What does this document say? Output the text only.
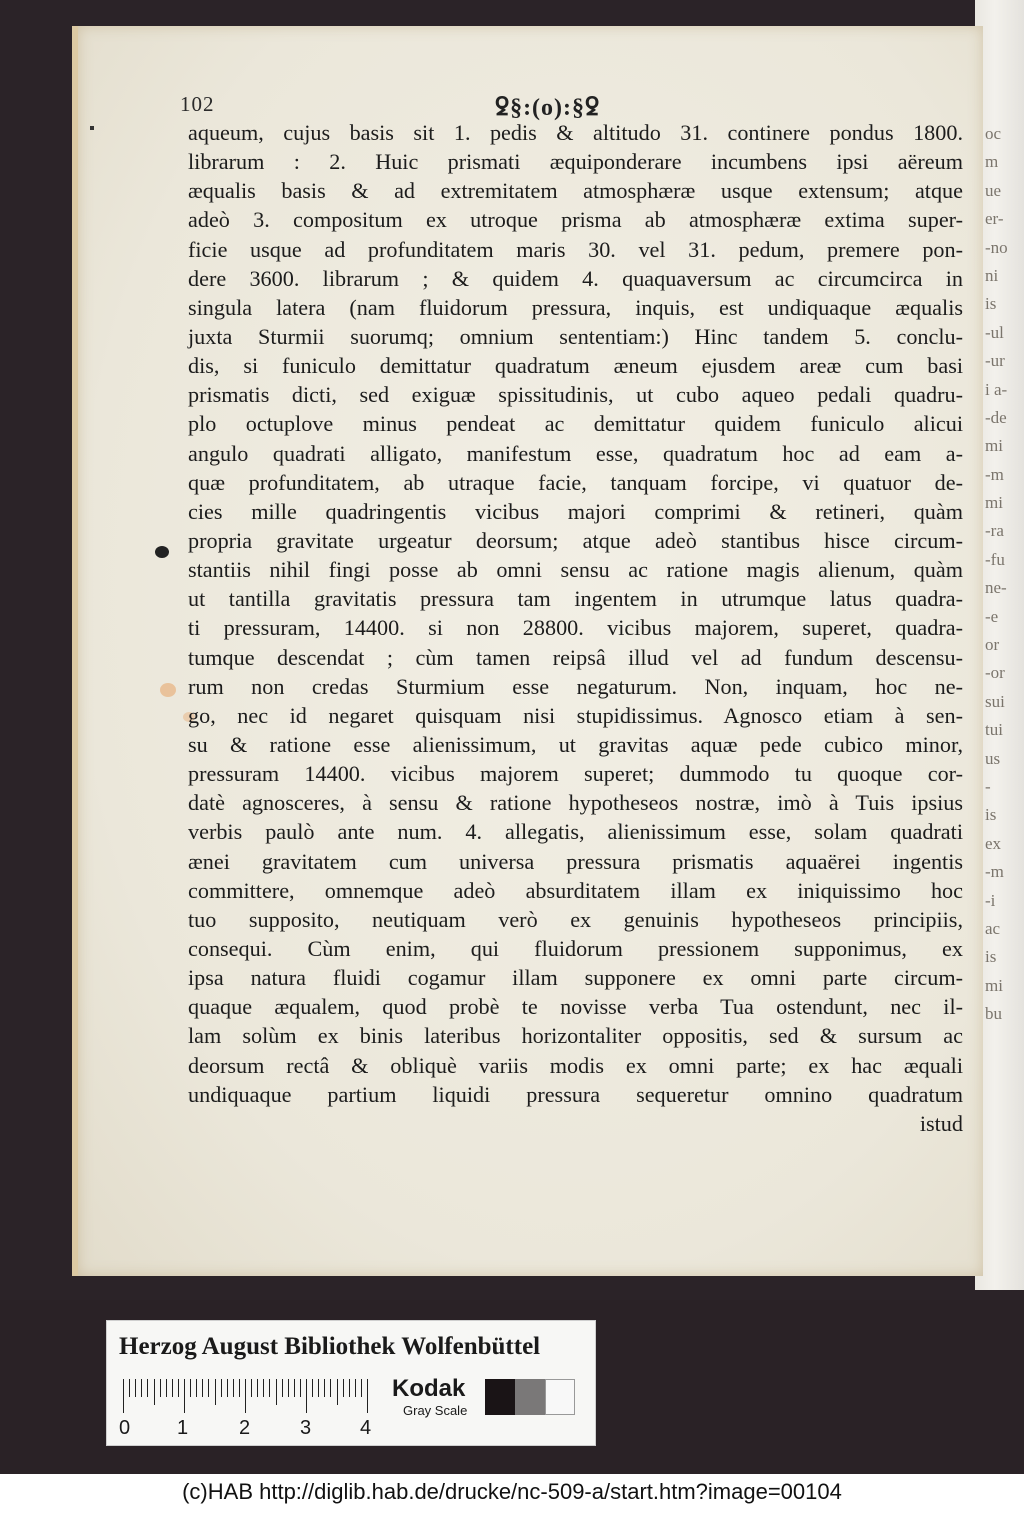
oc
m
ue
er-
-no
ni
is
-ul
-ur
i a-
-de
mi
-m
mi
-ra
-fu
ne-
-e
or
-or
sui
tui
us
-
is
ex
-m
-i
ac
is
mi
bu
102	ꝿ§:(o):§ꝿ
aqueum, cujus basis sit 1. pedis & altitudo 31. continere pondus 1800.
librarum : 2. Huic prismati æquiponderare incumbens ipsi aëreum
æqualis basis & ad extremitatem atmosphæræ usque extensum; atque
adeò 3. compositum ex utroque prisma ab atmosphæræ extima super-
ficie usque ad profunditatem maris 30. vel 31. pedum, premere pon-
dere 3600. librarum ; & quidem 4. quaquaversum ac circumcirca in
singula latera (nam fluidorum pressura, inquis, est undiquaque æqualis
juxta Sturmii suorumq; omnium sententiam:) Hinc tandem 5. conclu-
dis, si funiculo demittatur quadratum æneum ejusdem areæ cum basi
prismatis dicti, sed exiguæ spissitudinis, ut cubo aqueo pedali quadru-
plo octuplove minus pendeat ac demittatur quidem funiculo alicui
angulo quadrati alligato, manifestum esse, quadratum hoc ad eam a-
quæ profunditatem, ab utraque facie, tanquam forcipe, vi quatuor de-
cies mille quadringentis vicibus majori comprimi & retineri, quàm
propria gravitate urgeatur deorsum; atque adeò stantibus hisce circum-
stantiis nihil fingi posse ab omni sensu ac ratione magis alienum, quàm
ut tantilla gravitatis pressura tam ingentem in utrumque latus quadra-
ti pressuram, 14400. si non 28800. vicibus majorem, superet, quadra-
tumque descendat ; cùm tamen reipsâ illud vel ad fundum descensu-
rum non credas Sturmium esse negaturum. Non, inquam, hoc ne-
go, nec id negaret quisquam nisi stupidissimus. Agnosco etiam à sen-
su & ratione esse alienissimum, ut gravitas aquæ pede cubico minor,
pressuram 14400. vicibus majorem superet; dummodo tu quoque cor-
datè agnosceres, à sensu & ratione hypotheseos nostræ, imò à Tuis ipsius
verbis paulò ante num. 4. allegatis, alienissimum esse, solam quadrati
ænei gravitatem cum universa pressura prismatis aquaërei ingentis
committere, omnemque adeò absurditatem illam ex iniquissimo hoc
tuo supposito, neutiquam verò ex genuinis hypotheseos principiis,
consequi. Cùm enim, qui fluidorum pressionem supponimus, ex
ipsa natura fluidi cogamur illam supponere ex omni parte circum-
quaque æqualem, quod probè te novisse verba Tua ostendunt, nec il-
lam solùm ex binis lateribus horizontaliter oppositis, sed & sursum ac
deorsum rectâ & obliquè variis modis ex omni parte; ex hac æquali
undiquaque partium liquidi pressura sequeretur omnino quadratum
istud
Herzog August Bibliothek Wolfenbüttel
0 1	2 3 4
Kodak
Gray Scale
(c)HAB http://diglib.hab.de/drucke/nc-509-a/start.htm?image=00104
